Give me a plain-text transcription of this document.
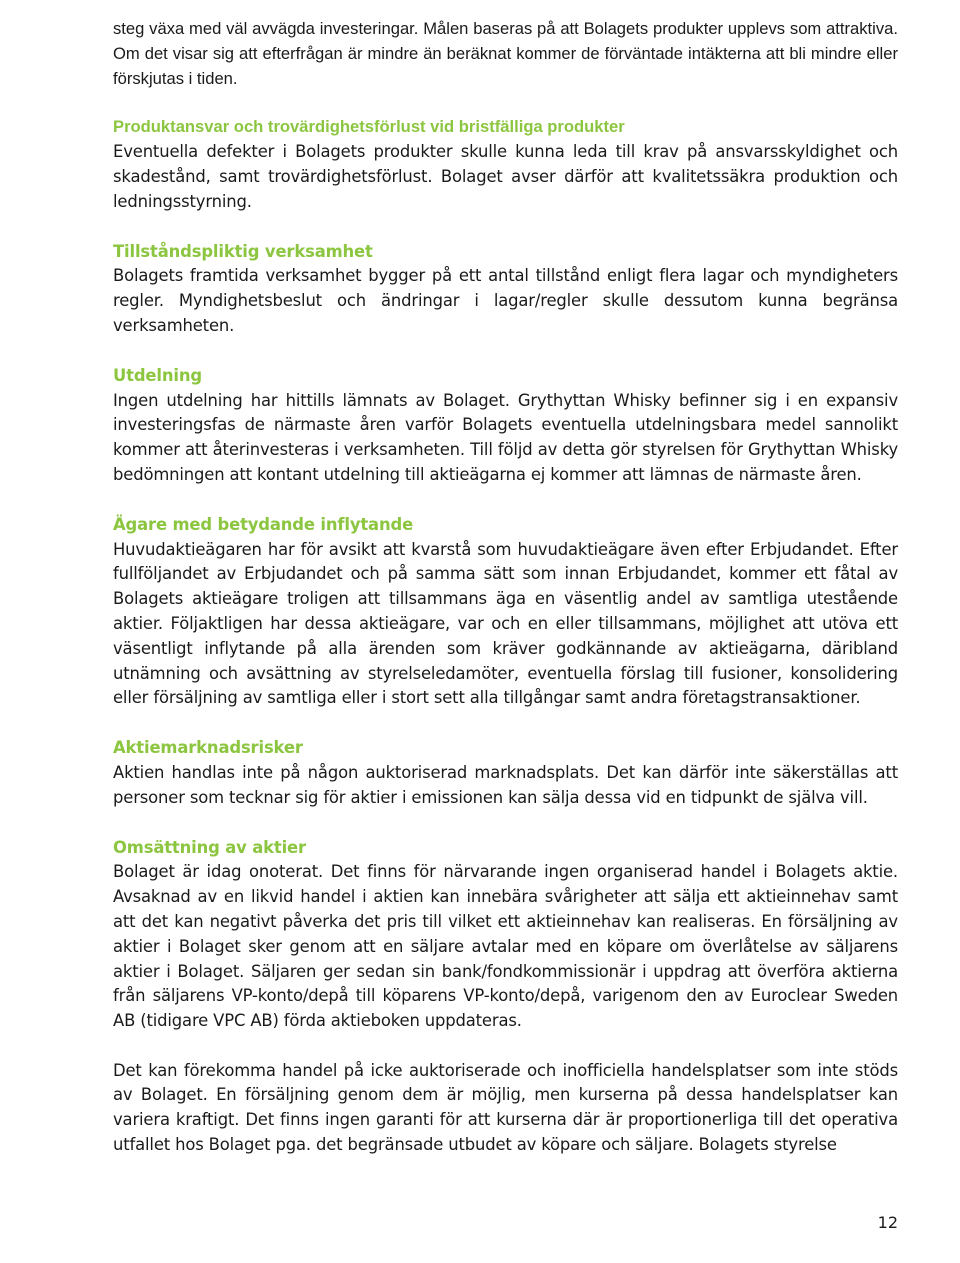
steg växa med väl avvägda investeringar. Målen baseras på att Bolagets produkter upplevs som attraktiva. Om det visar sig att efterfrågan är mindre än beräknat kommer de förväntade intäkterna att bli mindre eller förskjutas i tiden.

Produktansvar och trovärdighetsförlust vid bristfälliga produkter

Eventuella defekter i Bolagets produkter skulle kunna leda till krav på ansvarsskyldighet och skadestånd, samt trovärdighetsförlust. Bolaget avser därför att kvalitetssäkra produktion och ledningsstyrning.

Tillståndspliktig verksamhet

Bolagets framtida verksamhet bygger på ett antal tillstånd enligt flera lagar och myndigheters regler. Myndighetsbeslut och ändringar i lagar/regler skulle dessutom kunna begränsa verksamheten.

Utdelning

Ingen utdelning har hittills lämnats av Bolaget. Grythyttan Whisky befinner sig i en expansiv investeringsfas de närmaste åren varför Bolagets eventuella utdelningsbara medel sannolikt kommer att återinvesteras i verksamheten. Till följd av detta gör styrelsen för Grythyttan Whisky bedömningen att kontant utdelning till aktieägarna ej kommer att lämnas de närmaste åren.

Ägare med betydande inflytande

Huvudaktieägaren har för avsikt att kvarstå som huvudaktieägare även efter Erbjudandet. Efter fullföljandet av Erbjudandet och på samma sätt som innan Erbjudandet, kommer ett fåtal av Bolagets aktieägare troligen att tillsammans äga en väsentlig andel av samtliga utestående aktier. Följaktligen har dessa aktieägare, var och en eller tillsammans, möjlighet att utöva ett väsentligt inflytande på alla ärenden som kräver godkännande av aktieägarna, däribland utnämning och avsättning av styrelseledamöter, eventuella förslag till fusioner, konsolidering eller försäljning av samtliga eller i stort sett alla tillgångar samt andra företagstransaktioner.

Aktiemarknadsrisker

Aktien handlas inte på någon auktoriserad marknadsplats. Det kan därför inte säkerställas att personer som tecknar sig för aktier i emissionen kan sälja dessa vid en tidpunkt de själva vill.

Omsättning av aktier

Bolaget är idag onoterat. Det finns för närvarande ingen organiserad handel i Bolagets aktie. Avsaknad av en likvid handel i aktien kan innebära svårigheter att sälja ett aktieinnehav samt att det kan negativt påverka det pris till vilket ett aktieinnehav kan realiseras. En försäljning av aktier i Bolaget sker genom att en säljare avtalar med en köpare om överlåtelse av säljarens aktier i Bolaget. Säljaren ger sedan sin bank/fondkommissionär i uppdrag att överföra aktierna från säljarens VP-konto/depå till köparens VP-konto/depå, varigenom den av Euroclear Sweden AB (tidigare VPC AB) förda aktieboken uppdateras.

Det kan förekomma handel på icke auktoriserade och inofficiella handelsplatser som inte stöds av Bolaget. En försäljning genom dem är möjlig, men kurserna på dessa handelsplatser kan variera kraftigt. Det finns ingen garanti för att kurserna där är proportionerliga till det operativa utfallet hos Bolaget pga. det begränsade utbudet av köpare och säljare. Bolagets styrelse

12
